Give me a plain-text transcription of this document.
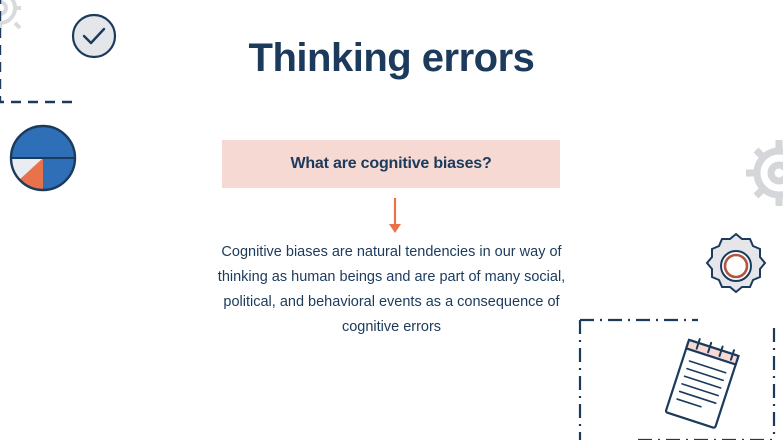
Thinking errors
What are cognitive biases?
Cognitive biases are natural tendencies in our way of thinking as human beings and are part of many social, political, and behavioral events as a consequence of cognitive errors
